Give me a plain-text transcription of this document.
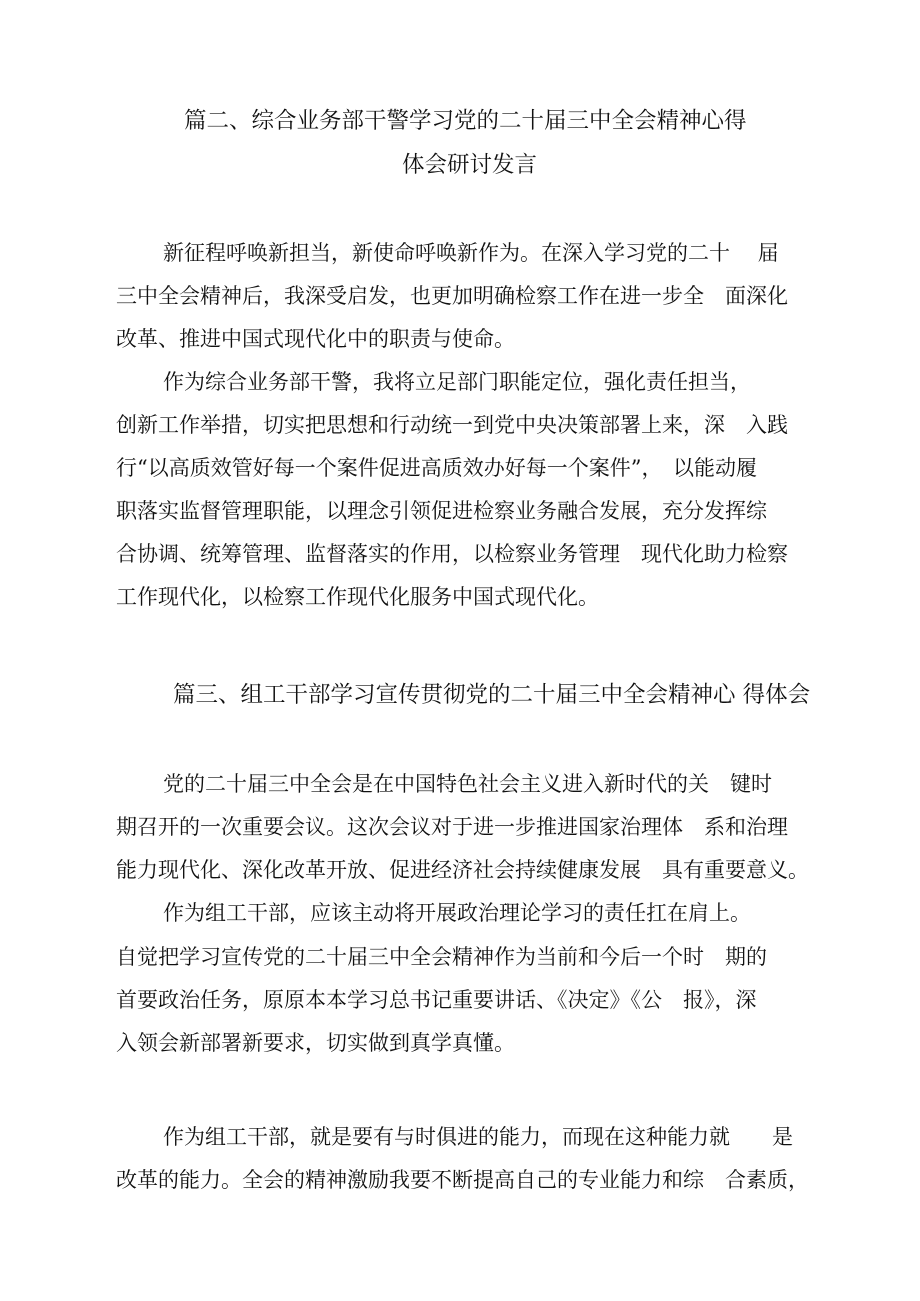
篇二、综合业务部干警学习党的二十届三中全会精神心得
体会研讨发言
新征程呼唤新担当，新使命呼唤新作为。在深入学习党的二十　 届
三中全会精神后，我深受启发，也更加明确检察工作在进一步全　面深化
改革、推进中国式现代化中的职责与使命。
作为综合业务部干警，我将立足部门职能定位，强化责任担当，
创新工作举措，切实把思想和行动统一到党中央决策部署上来，深　入践
行“以高质效管好每一个案件促进高质效办好每一个案件”，　以能动履
职落实监督管理职能，以理念引领促进检察业务融合发展，充分发挥综
合协调、统筹管理、监督落实的作用，以检察业务管理　现代化助力检察
工作现代化，以检察工作现代化服务中国式现代化。
篇三、组工干部学习宣传贯彻党的二十届三中全会精神心 得体会
党的二十届三中全会是在中国特色社会主义进入新时代的关　键时
期召开的一次重要会议。这次会议对于进一步推进国家治理体　系和治理
能力现代化、深化改革开放、促进经济社会持续健康发展　具有重要意义。
作为组工干部，应该主动将开展政治理论学习的责任扛在肩上。
自觉把学习宣传党的二十届三中全会精神作为当前和今后一个时　期的
首要政治任务，原原本本学习总书记重要讲话、《决定》《公　报》，深
入领会新部署新要求，切实做到真学真懂。
作为组工干部，就是要有与时俱进的能力，而现在这种能力就　　是
改革的能力。全会的精神激励我要不断提高自己的专业能力和综　合素质，
